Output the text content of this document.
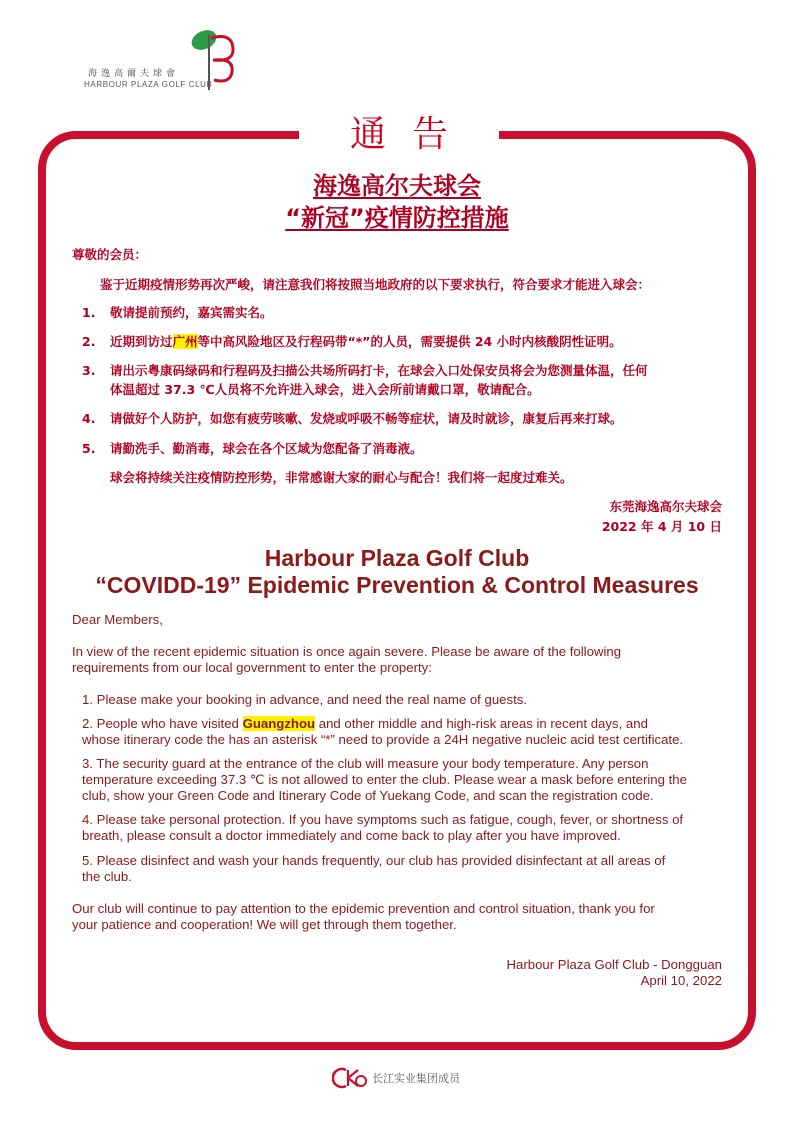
海逸高爾夫球會
HARBOUR PLAZA GOLF CLUB
通告
海逸高尔夫球会
“新冠”疫情防控措施
尊敬的会员：
鉴于近期疫情形势再次严峻，请注意我们将按照当地政府的以下要求执行，符合要求才能进入球会：
1. 敬请提前预约，嘉宾需实名。
2. 近期到访过广州等中高风险地区及行程码带“*”的人员，需要提供 24 小时内核酸阴性证明。
3. 请出示粤康码绿码和行程码及扫描公共场所码打卡，在球会入口处保安员将会为您测量体温，任何
体温超过 37.3 ℃人员将不允许进入球会，进入会所前请戴口罩，敬请配合。
4. 请做好个人防护，如您有疲劳咳嗽、发烧或呼吸不畅等症状，请及时就诊，康复后再来打球。
5. 请勤洗手、勤消毒，球会在各个区域为您配备了消毒液。
球会将持续关注疫情防控形势，非常感谢大家的耐心与配合！我们将一起度过难关。
东莞海逸高尔夫球会
2022 年 4 月 10 日
Harbour Plaza Golf Club
“COVIDD-19” Epidemic Prevention & Control Measures
Dear Members,
In view of the recent epidemic situation is once again severe. Please be aware of the following
requirements from our local government to enter the property:
1. Please make your booking in advance, and need the real name of guests.
2. People who have visited Guangzhou and other middle and high-risk areas in recent days, and
whose itinerary code the has an asterisk “*” need to provide a 24H negative nucleic acid test certificate.
3. The security guard at the entrance of the club will measure your body temperature. Any person
temperature exceeding 37.3 ℃ is not allowed to enter the club. Please wear a mask before entering the
club, show your Green Code and Itinerary Code of Yuekang Code, and scan the registration code.
4. Please take personal protection. If you have symptoms such as fatigue, cough, fever, or shortness of
breath, please consult a doctor immediately and come back to play after you have improved.
5. Please disinfect and wash your hands frequently, our club has provided disinfectant at all areas of
the club.
Our club will continue to pay attention to the epidemic prevention and control situation, thank you for
your patience and cooperation! We will get through them together.
Harbour Plaza Golf Club - Dongguan
April 10, 2022
长江实业集团成员
